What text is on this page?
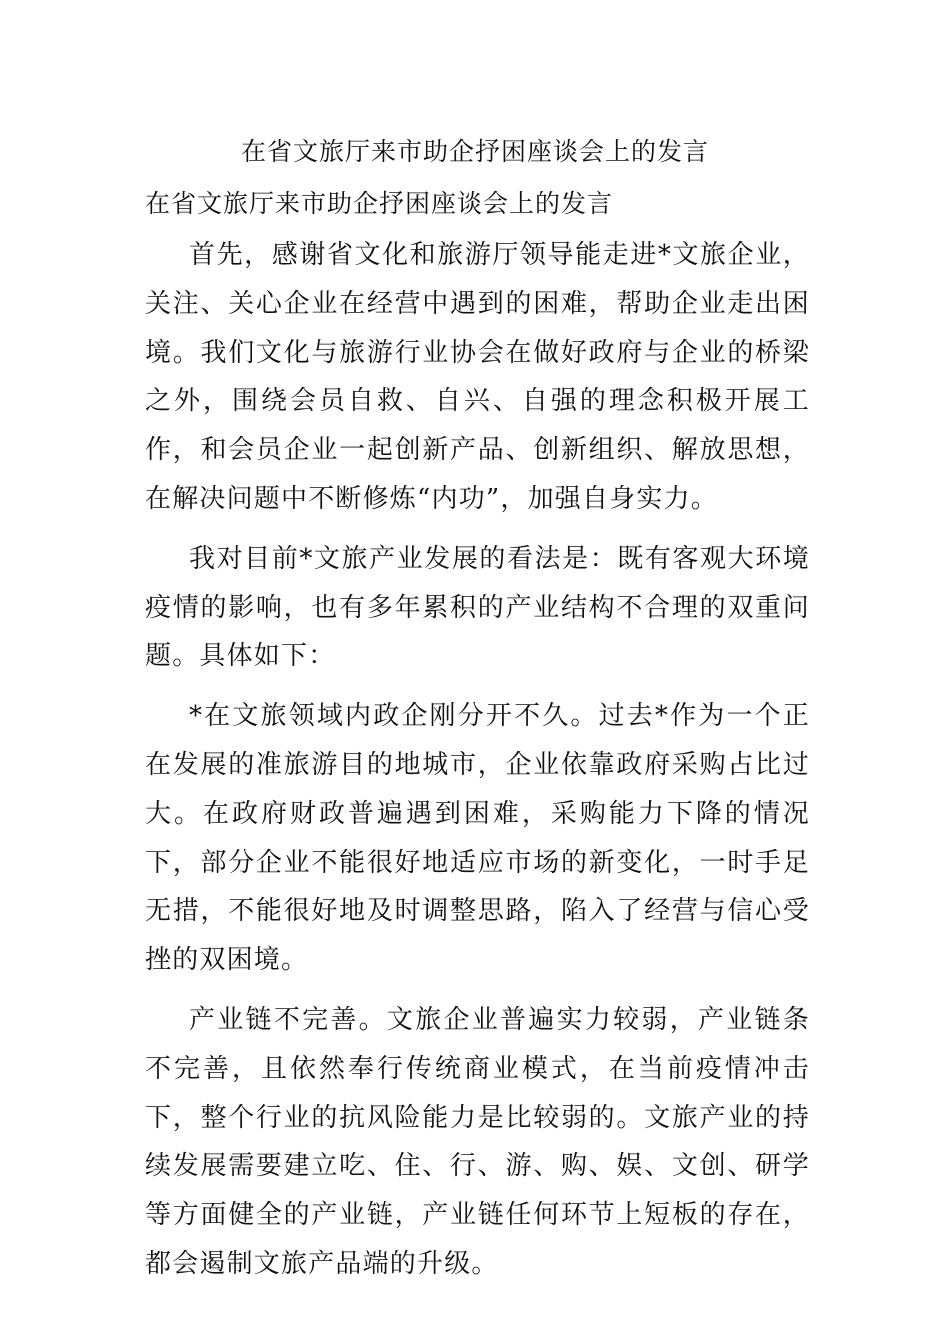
在省文旅厅来市助企抒困座谈会上的发言
在省文旅厅来市助企抒困座谈会上的发言

首先，感谢省文化和旅游厅领导能走进*文旅企业，关注、关心企业在经营中遇到的困难，帮助企业走出困境。我们文化与旅游行业协会在做好政府与企业的桥梁之外，围绕会员自救、自兴、自强的理念积极开展工作，和会员企业一起创新产品、创新组织、解放思想，在解决问题中不断修炼“内功”，加强自身实力。

我对目前*文旅产业发展的看法是：既有客观大环境疫情的影响，也有多年累积的产业结构不合理的双重问题。具体如下：

*在文旅领域内政企刚分开不久。过去*作为一个正在发展的准旅游目的地城市，企业依靠政府采购占比过大。在政府财政普遍遇到困难，采购能力下降的情况下，部分企业不能很好地适应市场的新变化，一时手足无措，不能很好地及时调整思路，陷入了经营与信心受挫的双困境。

产业链不完善。文旅企业普遍实力较弱，产业链条不完善，且依然奉行传统商业模式，在当前疫情冲击下，整个行业的抗风险能力是比较弱的。文旅产业的持续发展需要建立吃、住、行、游、购、娱、文创、研学等方面健全的产业链，产业链任何环节上短板的存在，都会遏制文旅产品端的升级。
